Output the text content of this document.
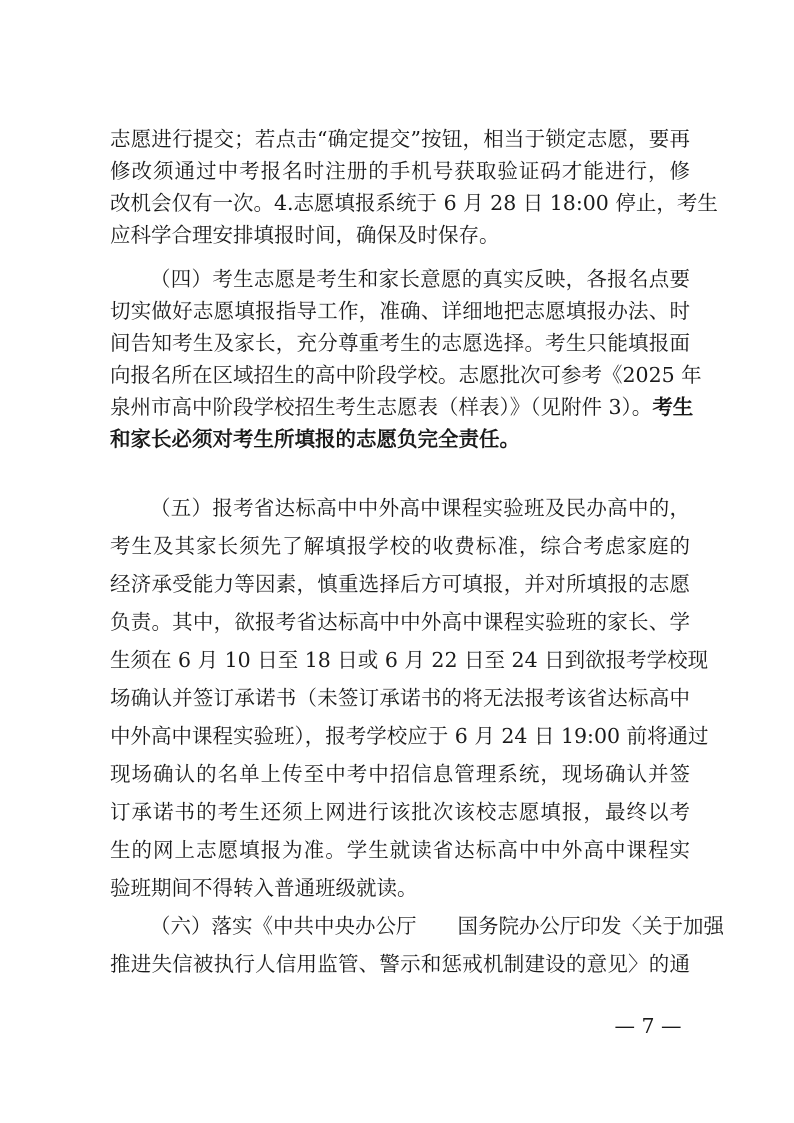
志愿进行提交；若点击“确定提交”按钮，相当于锁定志愿，要再
修改须通过中考报名时注册的手机号获取验证码才能进行，修
改机会仅有一次。4.志愿填报系统于 6 月 28 日 18:00 停止，考生
应科学合理安排填报时间，确保及时保存。
（四）考生志愿是考生和家长意愿的真实反映，各报名点要
切实做好志愿填报指导工作，准确、详细地把志愿填报办法、时
间告知考生及家长，充分尊重考生的志愿选择。考生只能填报面
向报名所在区域招生的高中阶段学校。志愿批次可参考《2025 年
泉州市高中阶段学校招生考生志愿表（样表）》（见附件 3）。考生
和家长必须对考生所填报的志愿负完全责任。
（五）报考省达标高中中外高中课程实验班及民办高中的，
考生及其家长须先了解填报学校的收费标准，综合考虑家庭的
经济承受能力等因素，慎重选择后方可填报，并对所填报的志愿
负责。其中，欲报考省达标高中中外高中课程实验班的家长、学
生须在 6 月 10 日至 18 日或 6 月 22 日至 24 日到欲报考学校现
场确认并签订承诺书（未签订承诺书的将无法报考该省达标高中
中外高中课程实验班），报考学校应于 6 月 24 日 19:00 前将通过
现场确认的名单上传至中考中招信息管理系统，现场确认并签
订承诺书的考生还须上网进行该批次该校志愿填报，最终以考
生的网上志愿填报为准。学生就读省达标高中中外高中课程实
验班期间不得转入普通班级就读。
（六）落实《中共中央办公厅　　国务院办公厅印发〈关于加强
推进失信被执行人信用监管、警示和惩戒机制建设的意见〉的通
— 7 —
